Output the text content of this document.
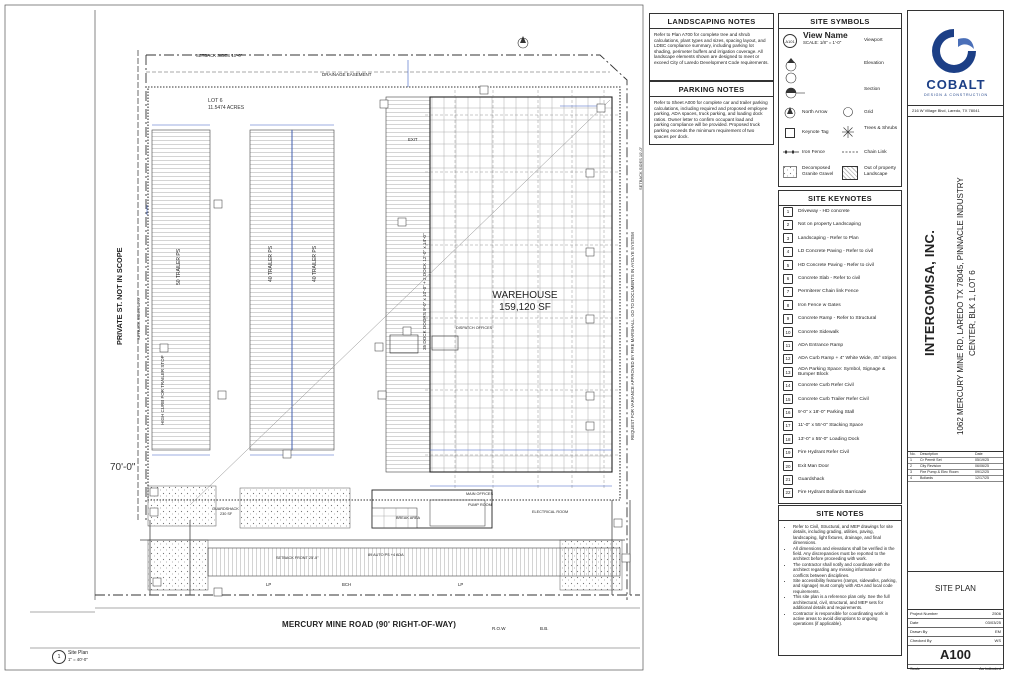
SETBACK SIDES 10'-0"
DRAINAGE EASEMENT
LOT 6
11.5474 ACRES
PRIVATE ST. NOT IN SCOPE	SETBACK SIDES 10'-0"
HIGH CURB FOR TRAILER STOP
50 TRAILER PS	40 TRAILER PS	40 TRAILER PS	35 DOCK DOORS 9'-0" x 10'-0" + 2 DOCK 12'-0" x 14'-0"
SETBACK SIDES 10'-0"
REQUEST FOR VARIANCE APPROVED BY FIRE MARSHALL. GO TO DOCUMENTS IN AYOLYE SYSTEM
WAREHOUSE
159,120 SF
DISPATCH OFFICES
MAIN OFFICES
PUMP ROOM
ELECTRICAL ROOM
BREAK AREA
GUARDSHACK
230 SF
SETBACK FRONT 25'-0"
89 AUTO PS +4 ADA
EXIT
LP	BCH	LP
70'-0"
MERCURY MINE ROAD (90' RIGHT-OF-WAY)	R.O.W	B.B.
1
Site Plan
1" = 40'-0"
LANDSCAPING NOTES

Refer to Plan A700 for complete tree and shrub calculations, plant types and sizes, spacing layout, and LDBC compliance summary, including parking lot shading, perimeter buffers and irrigation coverage. All landscape elements shown are designed to meet or exceed City of Laredo Development Code requirements.

PARKING NOTES

Refer to Sheet A000 for complete car and trailer parking calculations, including required and proposed employee parking, ADA spaces, truck parking, and loading dock ratios. Owner letter to confirm occupant load and parking compliance will be provided. Proposed truck parking exceeds the minimum requirement of two spaces per dock.

SITE SYMBOLS
A101
View Name
SCALE: 1/8" = 1'-0"	Viewport
Elevation
Section
North Arrow	Grid
Keynote Tag
Trees & Shrubs
Iron Fence	Chain Link
Decomposed Granite Gravel
Out of property Landscape
SITE KEYNOTES
1	Driveway - HD concrete
2	Not on property Landscaping
3	Landscaping - Refer to Plan
4	LD Concrete Paving - Refer to civil
5	HD Concrete Paving - Refer to civil
6	Concrete Slab - Refer to civil
7	Permiterer Chain link Fence
8	Iron Fence w Gates
9	Concrete Ramp - Refer to Structural
10	Concrete Sidewalk
11	ADA Entrance Ramp
12	ADA Curb Ramp + 4" White Wide, 45° stripes
13	ADA Parking Space: Symbol, Signage & Bumper Block
14	Concrete Curb Refer Civil
15	Concrete Curb Trailer Refer Civil
16	9'-0" x 18'-0" Parking Stall
17	11'-0" x 55'-0" Stacking Space
18	13'-0" x 55'-0" Loading Dock
19	Fire Hydrant Refer Civil
20	Exit Man Door
21	Guardshack
22	Fire Hydrant Bollards Barricade
SITE NOTES
• Refer to Civil, Structural, and MEP drawings for site details, including grading, utilities, paving, landscaping, light fixtures, drainage, and final dimensions.
• All dimensions and elevations shall be verified in the field. Any discrepancies must be reported to the architect before proceeding with work.
• The contractor shall notify and coordinate with the architect regarding any missing information or conflicts between disciplines.
• Site accessibility features (ramps, sidewalks, parking, and signage) must comply with ADA and local code requirements.
• This site plan is a reference plan only. See the full architectural, civil, structural, and MEP sets for additional details and requirements.
• Contractor is responsible for coordinating work in active areas to avoid disruptions to ongoing operations (if applicable).
COBALT
DESIGN & CONSTRUCTION
216 W Village Blvd, Laredo, TX 78041
INTERGOMSA, INC. 1062 MERCURY MINE RD, LAREDO TX 78045, PINNACLE INDUSTRY CENTER, BLK 1, LOT 6
No.	Description	Date
1	Cr Permit Set	05/19/25
2	City Revision	06/06/25
3	Fire Pump & Elec Room	09/12/25
4	Bollards	12/17/25
SITE PLAN
Project Number	2506
Date	03/03/25
Drawn By	EM
Checked By	WS
A100
Scale	As indicated
